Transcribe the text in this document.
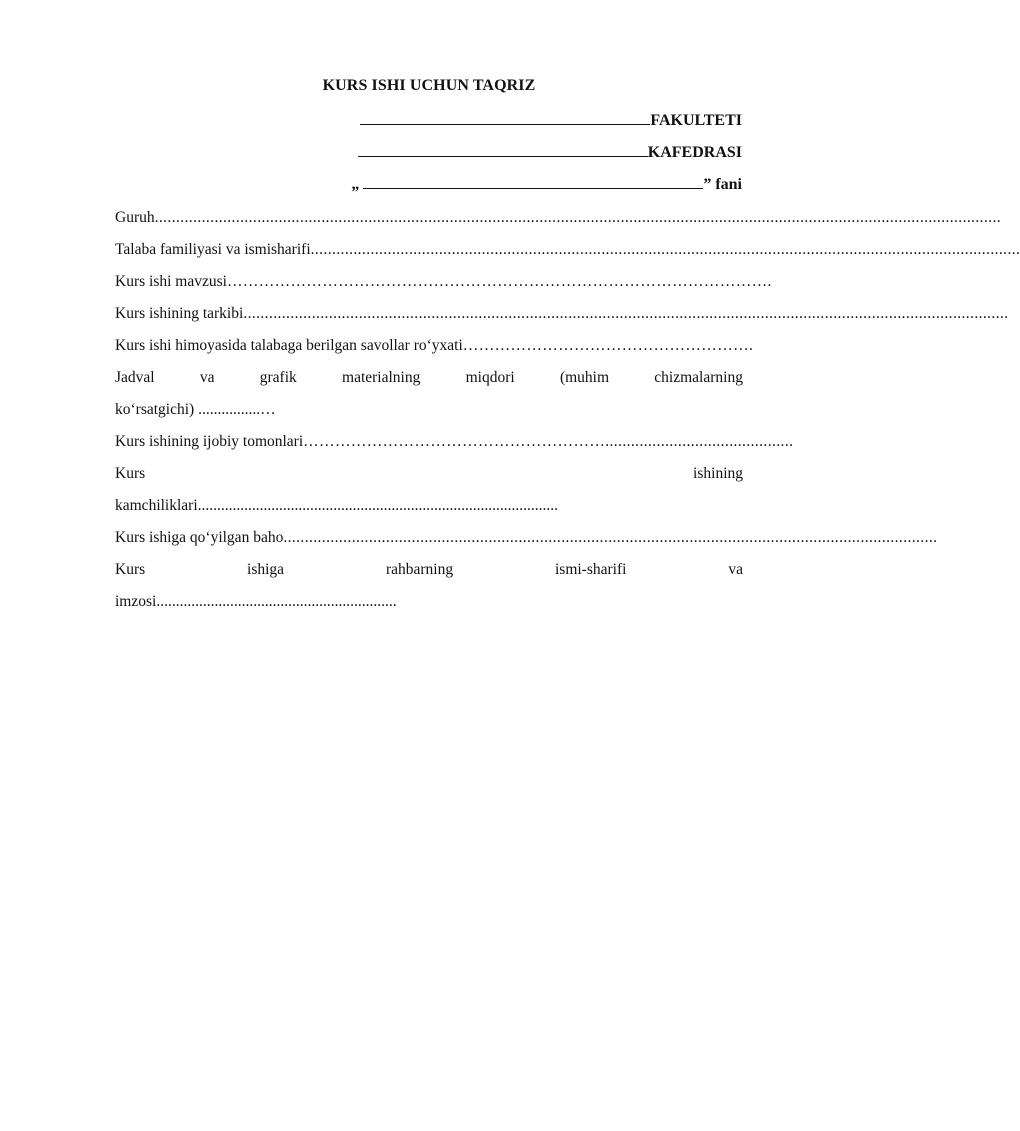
KURS ISHI UCHUN TAQRIZ
FAKULTETI
KAFEDRASI
„	” fani
Guruh ......................................................................................................................................................................................................
Talaba familiyasi va ismisharifi ......................................................................................................................................................................
Kurs ishi mavzusi ………………………………………………………………………………………….
Kurs ishining tarkibi ...................................................................................................................................................................................
Kurs ishi himoyasida talabaga berilgan savollar ro‘yxati ……………………………………………….
Jadval	va	grafik	materialning	miqdori	(muhim	chizmalarning
ko‘rsatgichi) ................…
Kurs ishining ijobiy tomonlari …………………………………………………............................................
Kurs	ishining
kamchiliklari.............................................................................................
Kurs ishiga qo‘yilgan baho .........................................................................................................................................................
Kurs	ishiga	rahbarning	ismi-sharifi	va
imzosi..............................................................
